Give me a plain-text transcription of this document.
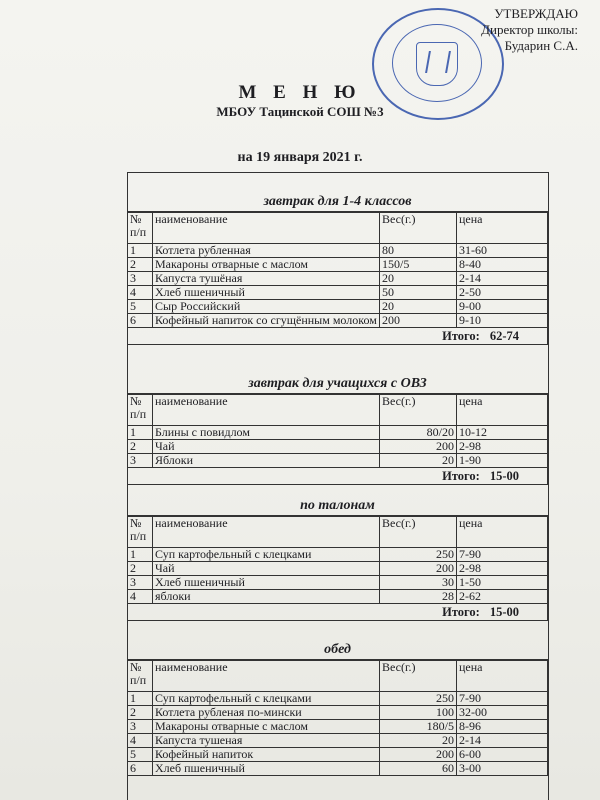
УТВЕРЖДАЮ
Директор школы:
Бударин С.А.
М Е Н Ю
МБОУ Тацинской СОШ №3
на 19 января 2021 г.
завтрак для 1-4 классов
№ п/п	наименование	Вес(г.)	цена
1	Котлета рубленная	80	31-60
2	Макароны отварные с маслом	150/5	8-40
3	Капуста тушёная	20	2-14
4	Хлеб пшеничный	50	2-50
5	Сыр Российский	20	9-00
6	Кофейный напиток со сгущённым молоком	200	9-10
Итого: 62-74			
завтрак для учащихся с ОВЗ
№ п/п	наименование	Вес(г.)	цена
1	Блины с повидлом	80/20	10-12
2	Чай	200	2-98
3	Яблоки	20	1-90
Итого: 15-00			
по талонам
№ п/п	наименование	Вес(г.)	цена
1	Суп картофельный с клецками	250	7-90
2	Чай	200	2-98
3	Хлеб пшеничный	30	1-50
4	яблоки	28	2-62
Итого: 15-00			
обед
№ п/п	наименование	Вес(г.)	цена
1	Суп картофельный с клецками	250	7-90
2	Котлета рубленая по-мински	100	32-00
3	Макароны отварные с маслом	180/5	8-96
4	Капуста тушеная	20	2-14
5	Кофейный напиток	200	6-00
6	Хлеб пшеничный	60	3-00
